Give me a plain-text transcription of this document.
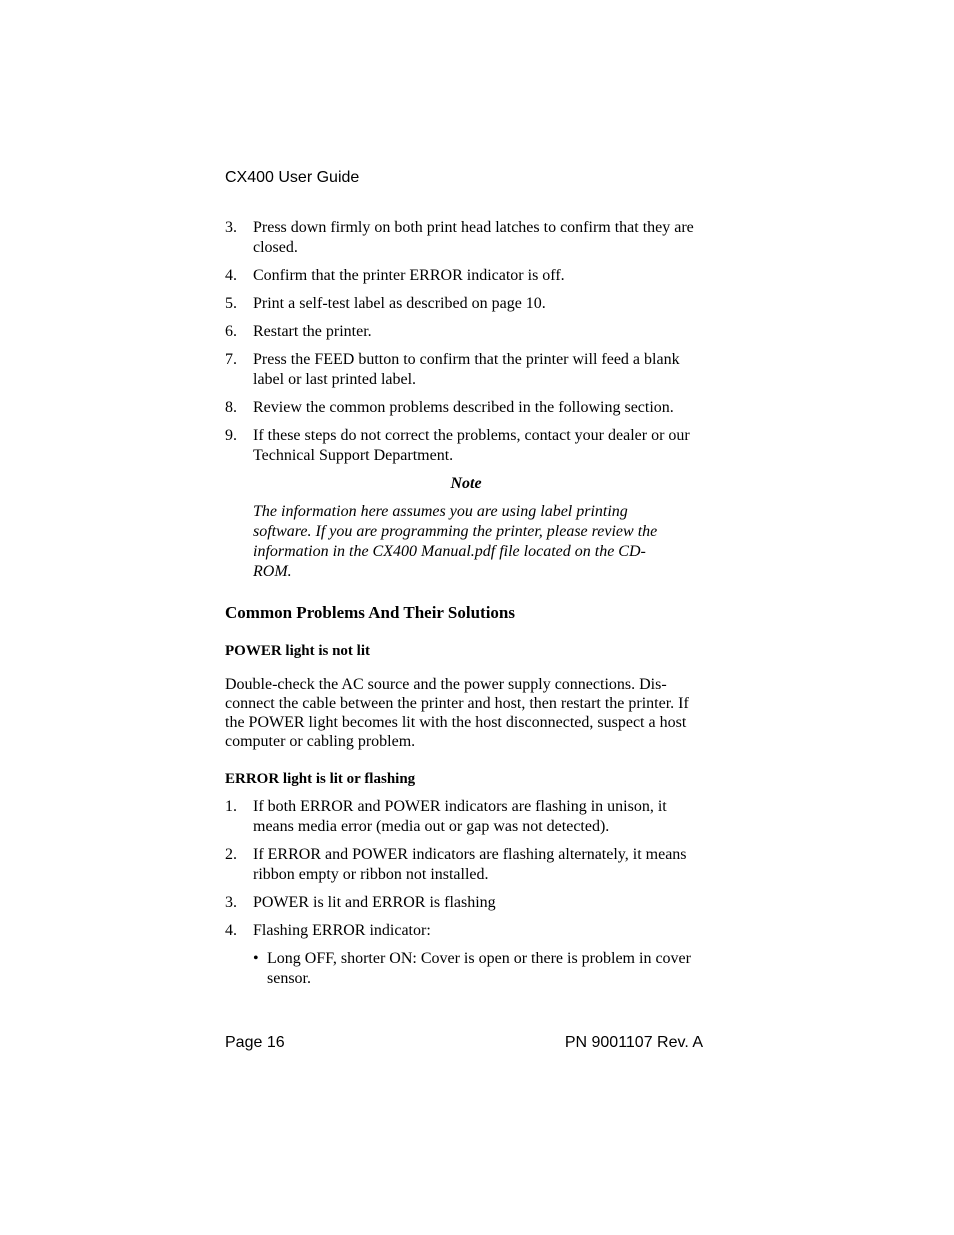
CX400 User Guide
3. Press down firmly on both print head latches to confirm that they are closed.
4. Confirm that the printer ERROR indicator is off.
5. Print a self-test label as described on page 10.
6. Restart the printer.
7. Press the FEED button to confirm that the printer will feed a blank label or last printed label.
8. Review the common problems described in the following section.
9. If these steps do not correct the problems, contact your dealer or our Technical Support Department.
Note
The information here assumes you are using label printing software. If you are programming the printer, please review the information in the CX400 Manual.pdf file located on the CD-ROM.
Common Problems And Their Solutions
POWER light is not lit
Double-check the AC source and the power supply connections. Dis-connect the cable between the printer and host, then restart the printer. If the POWER light becomes lit with the host disconnected, suspect a host computer or cabling problem.
ERROR light is lit or flashing
1. If both ERROR and POWER indicators are flashing in unison, it means media error (media out or gap was not detected).
2. If ERROR and POWER indicators are flashing alternately, it means ribbon empty or ribbon not installed.
3. POWER is lit and ERROR is flashing
4. Flashing ERROR indicator:
• Long OFF, shorter ON: Cover is open or there is problem in cover sensor.
Page 16	PN 9001107 Rev. A
